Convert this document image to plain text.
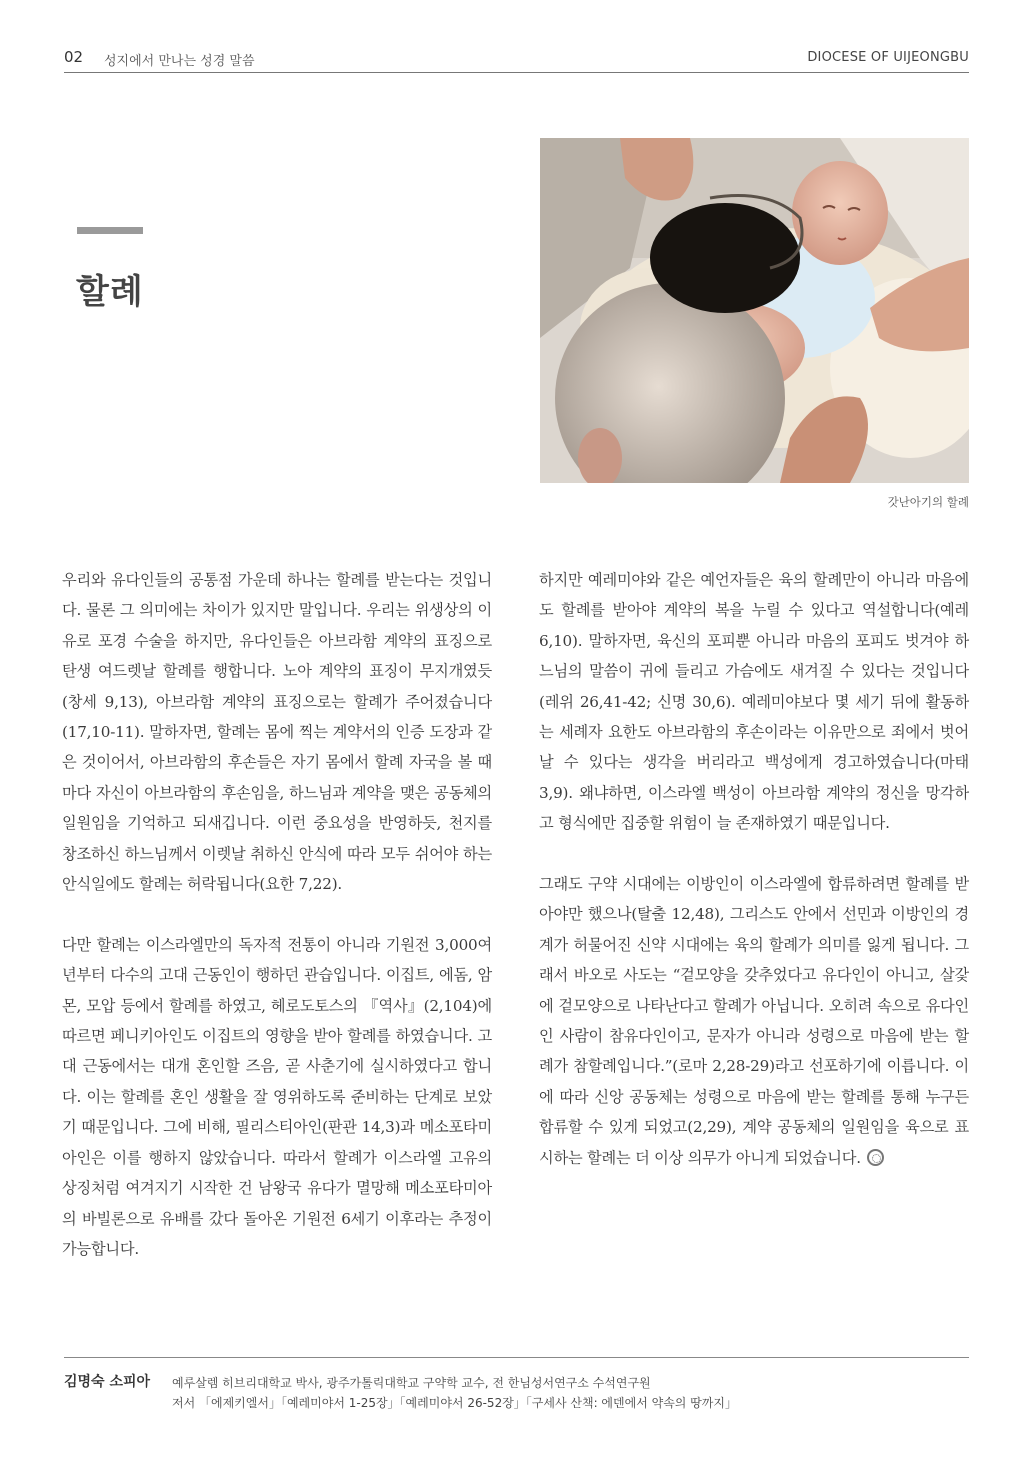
02 성지에서 만나는 성경 말씀	DIOCESE OF UIJEONGBU
할례
갓난아기의 할례

우리와 유다인들의 공통점 가운데 하나는 할례를 받는다는 것입니다. 물론 그 의미에는 차이가 있지만 말입니다. 우리는 위생상의 이유로 포경 수술을 하지만, 유다인들은 아브라함 계약의 표징으로 탄생 여드렛날 할례를 행합니다. 노아 계약의 표징이 무지개였듯(창세 9,13), 아브라함 계약의 표징으로는 할례가 주어졌습니다(17,10-11). 말하자면, 할례는 몸에 찍는 계약서의 인증 도장과 같은 것이어서, 아브라함의 후손들은 자기 몸에서 할례 자국을 볼 때마다 자신이 아브라함의 후손임을, 하느님과 계약을 맺은 공동체의 일원임을 기억하고 되새깁니다. 이런 중요성을 반영하듯, 천지를 창조하신 하느님께서 이렛날 취하신 안식에 따라 모두 쉬어야 하는 안식일에도 할례는 허락됩니다(요한 7,22).

다만 할례는 이스라엘만의 독자적 전통이 아니라 기원전 3,000여 년부터 다수의 고대 근동인이 행하던 관습입니다. 이집트, 에돔, 암몬, 모압 등에서 할례를 하였고, 헤로도토스의 『역사』(2,104)에 따르면 페니키아인도 이집트의 영향을 받아 할례를 하였습니다. 고대 근동에서는 대개 혼인할 즈음, 곧 사춘기에 실시하였다고 합니다. 이는 할례를 혼인 생활을 잘 영위하도록 준비하는 단계로 보았기 때문입니다. 그에 비해, 필리스티아인(판관 14,3)과 메소포타미아인은 이를 행하지 않았습니다. 따라서 할례가 이스라엘 고유의 상징처럼 여겨지기 시작한 건 남왕국 유다가 멸망해 메소포타미아의 바빌론으로 유배를 갔다 돌아온 기원전 6세기 이후라는 추정이 가능합니다.

하지만 예레미야와 같은 예언자들은 육의 할례만이 아니라 마음에도 할례를 받아야 계약의 복을 누릴 수 있다고 역설합니다(예레 6,10). 말하자면, 육신의 포피뿐 아니라 마음의 포피도 벗겨야 하느님의 말씀이 귀에 들리고 가슴에도 새겨질 수 있다는 것입니다(레위 26,41-42; 신명 30,6). 예레미야보다 몇 세기 뒤에 활동하는 세례자 요한도 아브라함의 후손이라는 이유만으로 죄에서 벗어날 수 있다는 생각을 버리라고 백성에게 경고하였습니다(마태 3,9). 왜냐하면, 이스라엘 백성이 아브라함 계약의 정신을 망각하고 형식에만 집중할 위험이 늘 존재하였기 때문입니다.

그래도 구약 시대에는 이방인이 이스라엘에 합류하려면 할례를 받아야만 했으나(탈출 12,48), 그리스도 안에서 선민과 이방인의 경계가 허물어진 신약 시대에는 육의 할례가 의미를 잃게 됩니다. 그래서 바오로 사도는 “겉모양을 갖추었다고 유다인이 아니고, 살갗에 겉모양으로 나타난다고 할례가 아닙니다. 오히려 속으로 유다인인 사람이 참유다인이고, 문자가 아니라 성령으로 마음에 받는 할례가 참할례입니다.”(로마 2,28-29)라고 선포하기에 이릅니다. 이에 따라 신앙 공동체는 성령으로 마음에 받는 할례를 통해 누구든 합류할 수 있게 되었고(2,29), 계약 공동체의 일원임을 육으로 표시하는 할례는 더 이상 의무가 아니게 되었습니다.

김명숙 소피아 예루살렘 히브리대학교 박사, 광주가톨릭대학교 구약학 교수, 전 한님성서연구소 수석연구원
저서 「에제키엘서」「예레미야서 1-25장」「예레미야서 26-52장」「구세사 산책: 에덴에서 약속의 땅까지」
